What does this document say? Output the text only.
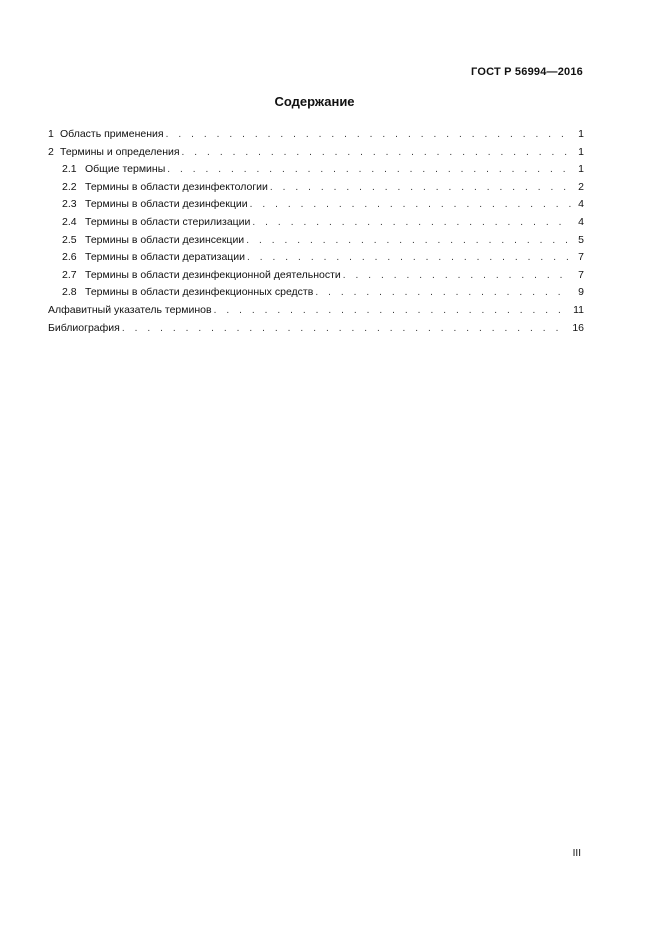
ГОСТ Р 56994—2016
Содержание
1 Область применения . . .	1
2 Термины и определения . . .	1
2.1 Общие термины . . .	1
2.2 Термины в области дезинфектологии . . .	2
2.3 Термины в области дезинфекции . . .	4
2.4 Термины в области стерилизации . . .	4
2.5 Термины в области дезинсекции . . .	5
2.6 Термины в области дератизации . . .	7
2.7 Термины в области дезинфекционной деятельности . . .	7
2.8 Термины в области дезинфекционных средств . . .	9
Алфавитный указатель терминов . . .	11
Библиография . . .	16
III
